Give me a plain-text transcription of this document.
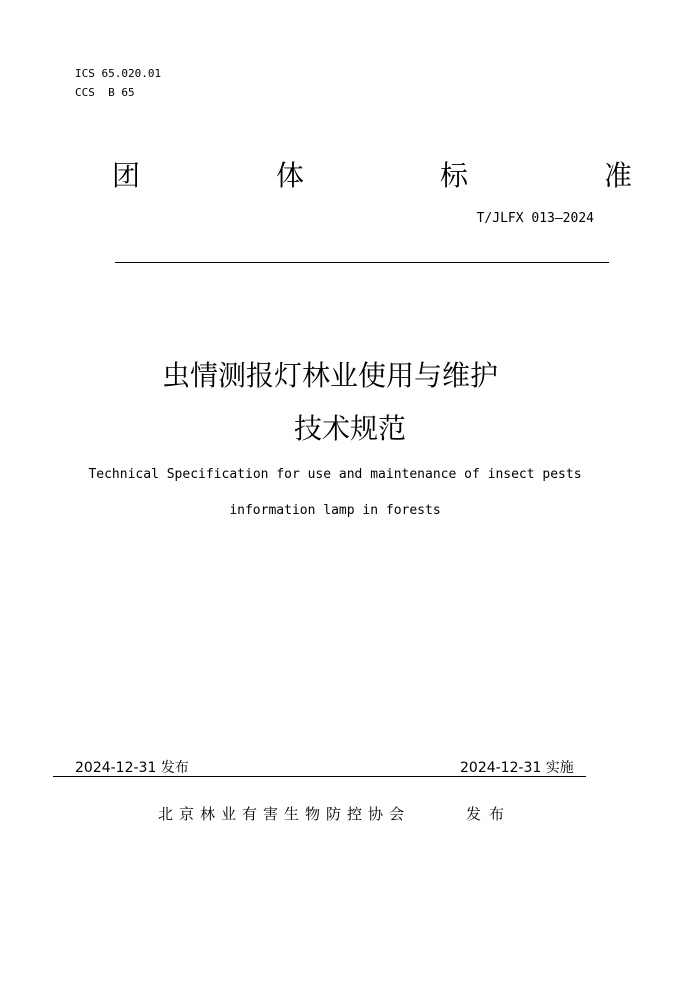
ICS 65.020.01
CCS  B 65
团	体	标	准
T/JLFX 013—2024
虫情测报灯林业使用与维护
技术规范
Technical Specification for use and maintenance of insect pests
information lamp in forests
2024-12-31 发布	2024-12-31 实施
北京林业有害生物防控协会	发布
